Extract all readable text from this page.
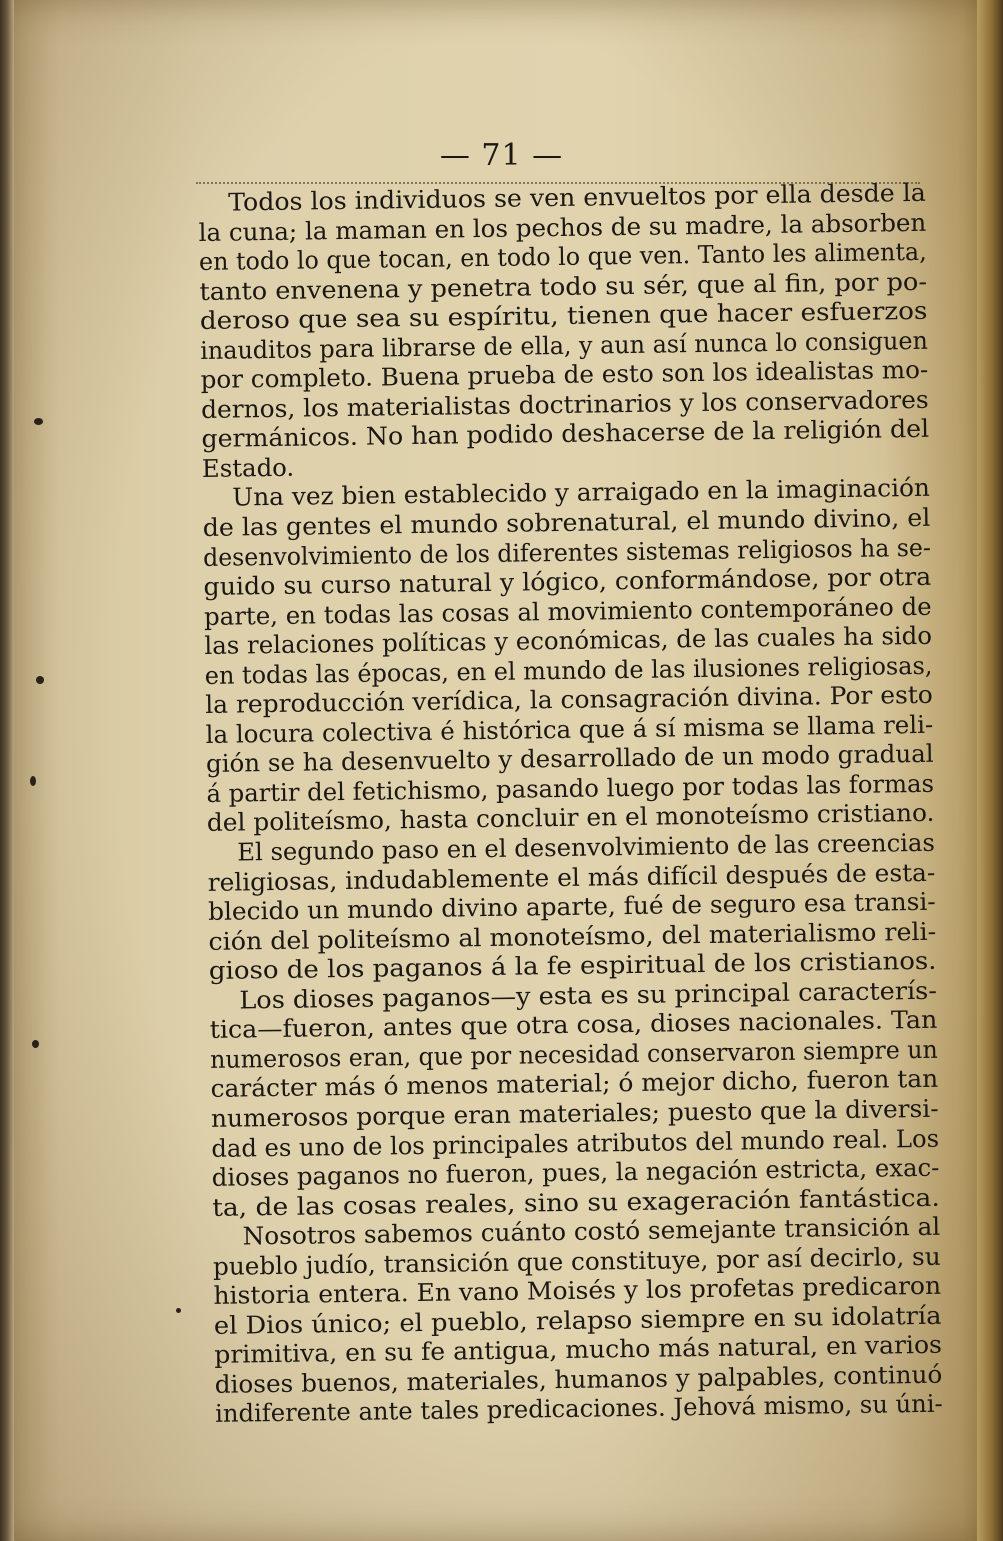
— 71 —
Todos los individuos se ven envueltos por ella desde la
la cuna; la maman en los pechos de su madre, la absorben
en todo lo que tocan, en todo lo que ven. Tanto les alimenta,
tanto envenena y penetra todo su sér, que al fin, por po-
deroso que sea su espíritu, tienen que hacer esfuerzos
inauditos para librarse de ella, y aun así nunca lo consiguen
por completo. Buena prueba de esto son los idealistas mo-
dernos, los materialistas doctrinarios y los conservadores
germánicos. No han podido deshacerse de la religión del
Estado.
Una vez bien establecido y arraigado en la imaginación
de las gentes el mundo sobrenatural, el mundo divino, el
desenvolvimiento de los diferentes sistemas religiosos ha se-
guido su curso natural y lógico, conformándose, por otra
parte, en todas las cosas al movimiento contemporáneo de
las relaciones políticas y económicas, de las cuales ha sido
en todas las épocas, en el mundo de las ilusiones religiosas,
la reproducción verídica, la consagración divina. Por esto
la locura colectiva é histórica que á sí misma se llama reli-
gión se ha desenvuelto y desarrollado de un modo gradual
á partir del fetichismo, pasando luego por todas las formas
del politeísmo, hasta concluir en el monoteísmo cristiano.
El segundo paso en el desenvolvimiento de las creencias
religiosas, indudablemente el más difícil después de esta-
blecido un mundo divino aparte, fué de seguro esa transi-
ción del politeísmo al monoteísmo, del materialismo reli-
gioso de los paganos á la fe espiritual de los cristianos.
Los dioses paganos—y esta es su principal caracterís-
tica—fueron, antes que otra cosa, dioses nacionales. Tan
numerosos eran, que por necesidad conservaron siempre un
carácter más ó menos material; ó mejor dicho, fueron tan
numerosos porque eran materiales; puesto que la diversi-
dad es uno de los principales atributos del mundo real. Los
dioses paganos no fueron, pues, la negación estricta, exac-
ta, de las cosas reales, sino su exageración fantástica.
Nosotros sabemos cuánto costó semejante transición al
pueblo judío, transición que constituye, por así decirlo, su
historia entera. En vano Moisés y los profetas predicaron
el Dios único; el pueblo, relapso siempre en su idolatría
primitiva, en su fe antigua, mucho más natural, en varios
dioses buenos, materiales, humanos y palpables, continuó
indiferente ante tales predicaciones. Jehová mismo, su úni-
